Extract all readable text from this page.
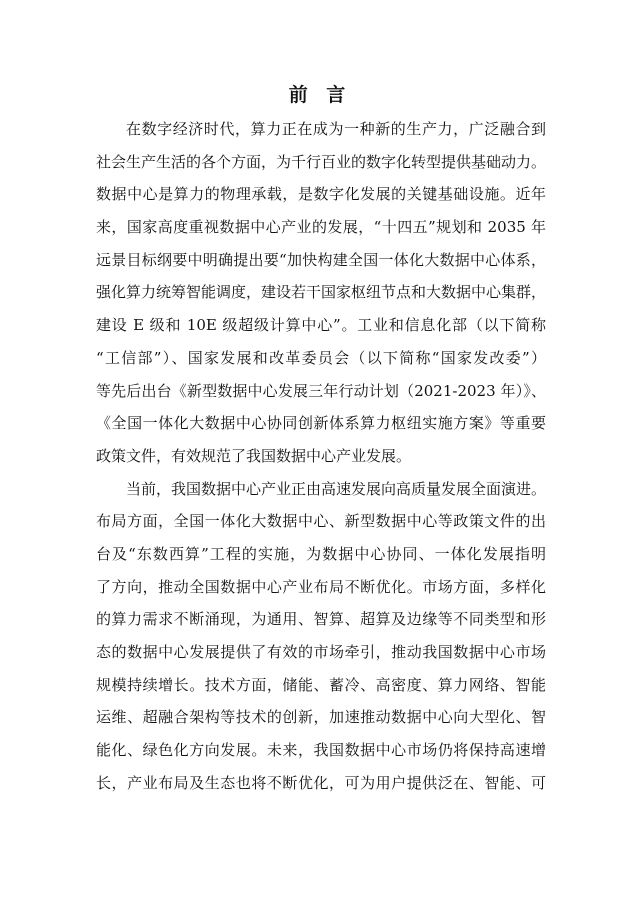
前 言
在数字经济时代，算力正在成为一种新的生产力，广泛融合到
社会生产生活的各个方面，为千行百业的数字化转型提供基础动力。
数据中心是算力的物理承载，是数字化发展的关键基础设施。近年
来，国家高度重视数据中心产业的发展，“十四五”规划和 2035 年
远景目标纲要中明确提出要“加快构建全国一体化大数据中心体系，
强化算力统筹智能调度，建设若干国家枢纽节点和大数据中心集群，
建设 E 级和 10E 级超级计算中心”。工业和信息化部（以下简称
“工信部”）、国家发展和改革委员会（以下简称“国家发改委”）
等先后出台《新型数据中心发展三年行动计划（2021-2023 年）》、
《全国一体化大数据中心协同创新体系算力枢纽实施方案》等重要
政策文件，有效规范了我国数据中心产业发展。
当前，我国数据中心产业正由高速发展向高质量发展全面演进。
布局方面，全国一体化大数据中心、新型数据中心等政策文件的出
台及“东数西算”工程的实施，为数据中心协同、一体化发展指明
了方向，推动全国数据中心产业布局不断优化。市场方面，多样化
的算力需求不断涌现，为通用、智算、超算及边缘等不同类型和形
态的数据中心发展提供了有效的市场牵引，推动我国数据中心市场
规模持续增长。技术方面，储能、蓄冷、高密度、算力网络、智能
运维、超融合架构等技术的创新，加速推动数据中心向大型化、智
能化、绿色化方向发展。未来，我国数据中心市场仍将保持高速增
长，产业布局及生态也将不断优化，可为用户提供泛在、智能、可
